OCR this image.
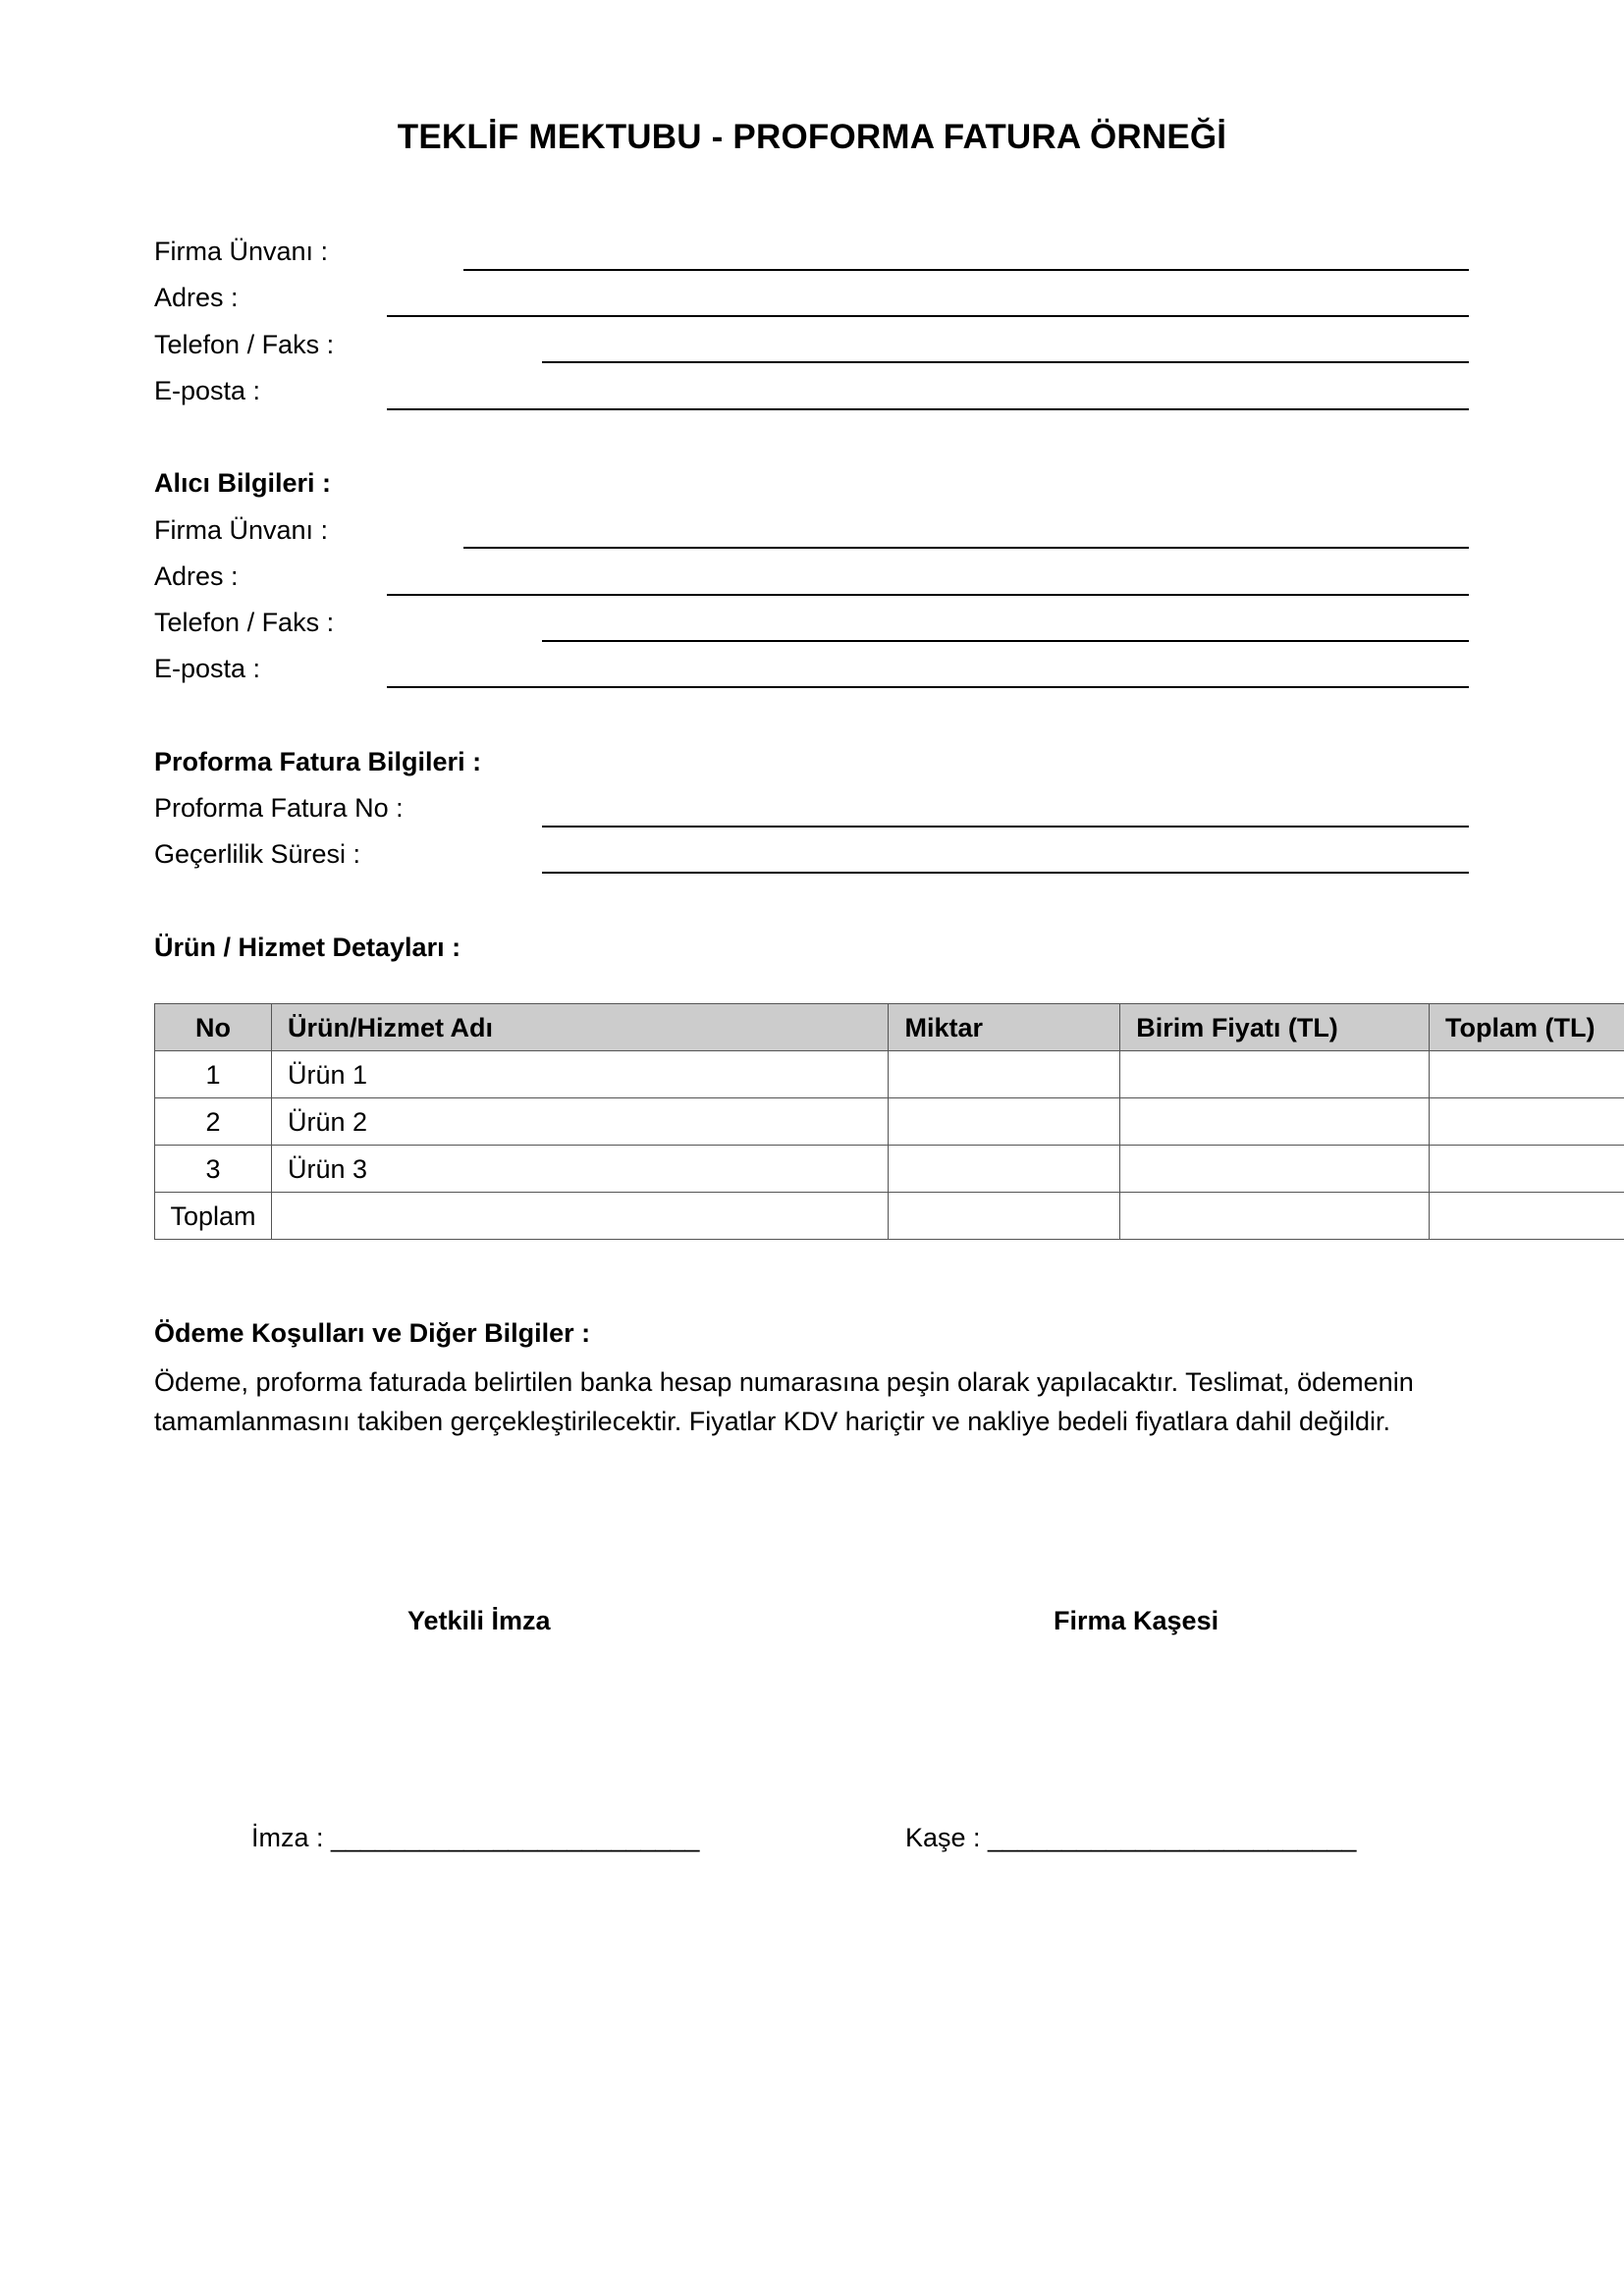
TEKLİF MEKTUBU - PROFORMA FATURA ÖRNEĞİ
Firma Ünvanı :
Adres :
Telefon / Faks :
E-posta :
Alıcı Bilgileri :
Firma Ünvanı :
Adres :
Telefon / Faks :
E-posta :
Proforma Fatura Bilgileri :
Proforma Fatura No :
Geçerlilik Süresi :
Ürün / Hizmet Detayları :
No	Ürün/Hizmet Adı	Miktar	Birim Fiyatı (TL)	Toplam (TL)
1	Ürün 1			
2	Ürün 2			
3	Ürün 3			
Toplam				
Ödeme Koşulları ve Diğer Bilgiler :
Ödeme, proforma faturada belirtilen banka hesap numarasına peşin olarak yapılacaktır. Teslimat, ödemenin tamamlanmasını takiben gerçekleştirilecektir. Fiyatlar KDV hariçtir ve nakliye bedeli fiyatlara dahil değildir.
Yetkili İmza	Firma Kaşesi
İmza : _________________________	Kaşe : _________________________
